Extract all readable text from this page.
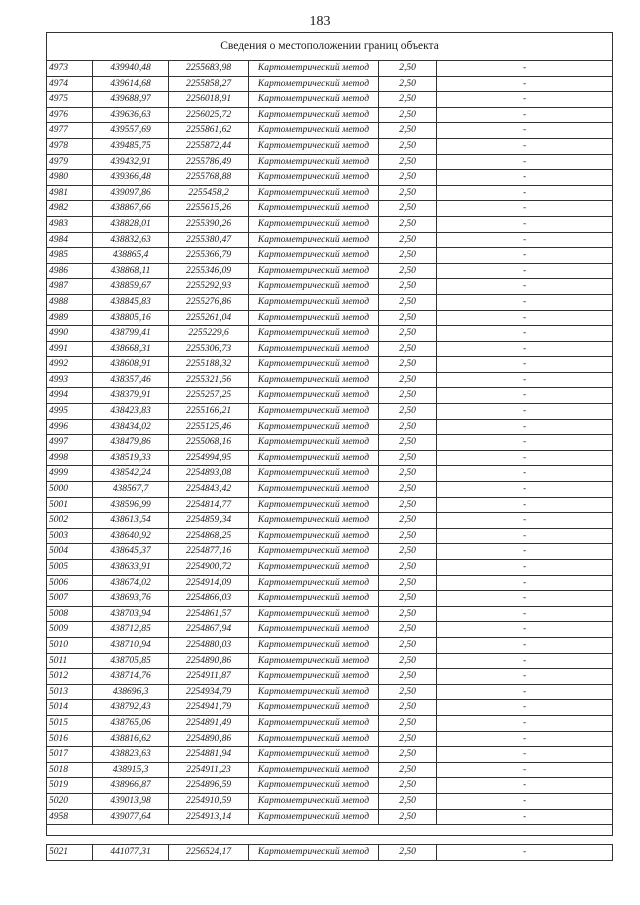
183
Сведения о местоположении границ объекта					
4973	439940,48	2255683,98	Картометрический метод	2,50	-
4974	439614,68	2255858,27	Картометрический метод	2,50	-
4975	439688,97	2256018,91	Картометрический метод	2,50	-
4976	439636,63	2256025,72	Картометрический метод	2,50	-
4977	439557,69	2255861,62	Картометрический метод	2,50	-
4978	439485,75	2255872,44	Картометрический метод	2,50	-
4979	439432,91	2255786,49	Картометрический метод	2,50	-
4980	439366,48	2255768,88	Картометрический метод	2,50	-
4981	439097,86	2255458,2	Картометрический метод	2,50	-
4982	438867,66	2255615,26	Картометрический метод	2,50	-
4983	438828,01	2255390,26	Картометрический метод	2,50	-
4984	438832,63	2255380,47	Картометрический метод	2,50	-
4985	438865,4	2255366,79	Картометрический метод	2,50	-
4986	438868,11	2255346,09	Картометрический метод	2,50	-
4987	438859,67	2255292,93	Картометрический метод	2,50	-
4988	438845,83	2255276,86	Картометрический метод	2,50	-
4989	438805,16	2255261,04	Картометрический метод	2,50	-
4990	438799,41	2255229,6	Картометрический метод	2,50	-
4991	438668,31	2255306,73	Картометрический метод	2,50	-
4992	438608,91	2255188,32	Картометрический метод	2,50	-
4993	438357,46	2255321,56	Картометрический метод	2,50	-
4994	438379,91	2255257,25	Картометрический метод	2,50	-
4995	438423,83	2255166,21	Картометрический метод	2,50	-
4996	438434,02	2255125,46	Картометрический метод	2,50	-
4997	438479,86	2255068,16	Картометрический метод	2,50	-
4998	438519,33	2254994,95	Картометрический метод	2,50	-
4999	438542,24	2254893,08	Картометрический метод	2,50	-
5000	438567,7	2254843,42	Картометрический метод	2,50	-
5001	438596,99	2254814,77	Картометрический метод	2,50	-
5002	438613,54	2254859,34	Картометрический метод	2,50	-
5003	438640,92	2254868,25	Картометрический метод	2,50	-
5004	438645,37	2254877,16	Картометрический метод	2,50	-
5005	438633,91	2254900,72	Картометрический метод	2,50	-
5006	438674,02	2254914,09	Картометрический метод	2,50	-
5007	438693,76	2254866,03	Картометрический метод	2,50	-
5008	438703,94	2254861,57	Картометрический метод	2,50	-
5009	438712,85	2254867,94	Картометрический метод	2,50	-
5010	438710,94	2254880,03	Картометрический метод	2,50	-
5011	438705,85	2254890,86	Картометрический метод	2,50	-
5012	438714,76	2254911,87	Картометрический метод	2,50	-
5013	438696,3	2254934,79	Картометрический метод	2,50	-
5014	438792,43	2254941,79	Картометрический метод	2,50	-
5015	438765,06	2254891,49	Картометрический метод	2,50	-
5016	438816,62	2254890,86	Картометрический метод	2,50	-
5017	438823,63	2254881,94	Картометрический метод	2,50	-
5018	438915,3	2254911,23	Картометрический метод	2,50	-
5019	438966,87	2254896,59	Картометрический метод	2,50	-
5020	439013,98	2254910,59	Картометрический метод	2,50	-
4958	439077,64	2254913,14	Картометрический метод	2,50	-

5021	441077,31	2256524,17	Картометрический метод	2,50	-
